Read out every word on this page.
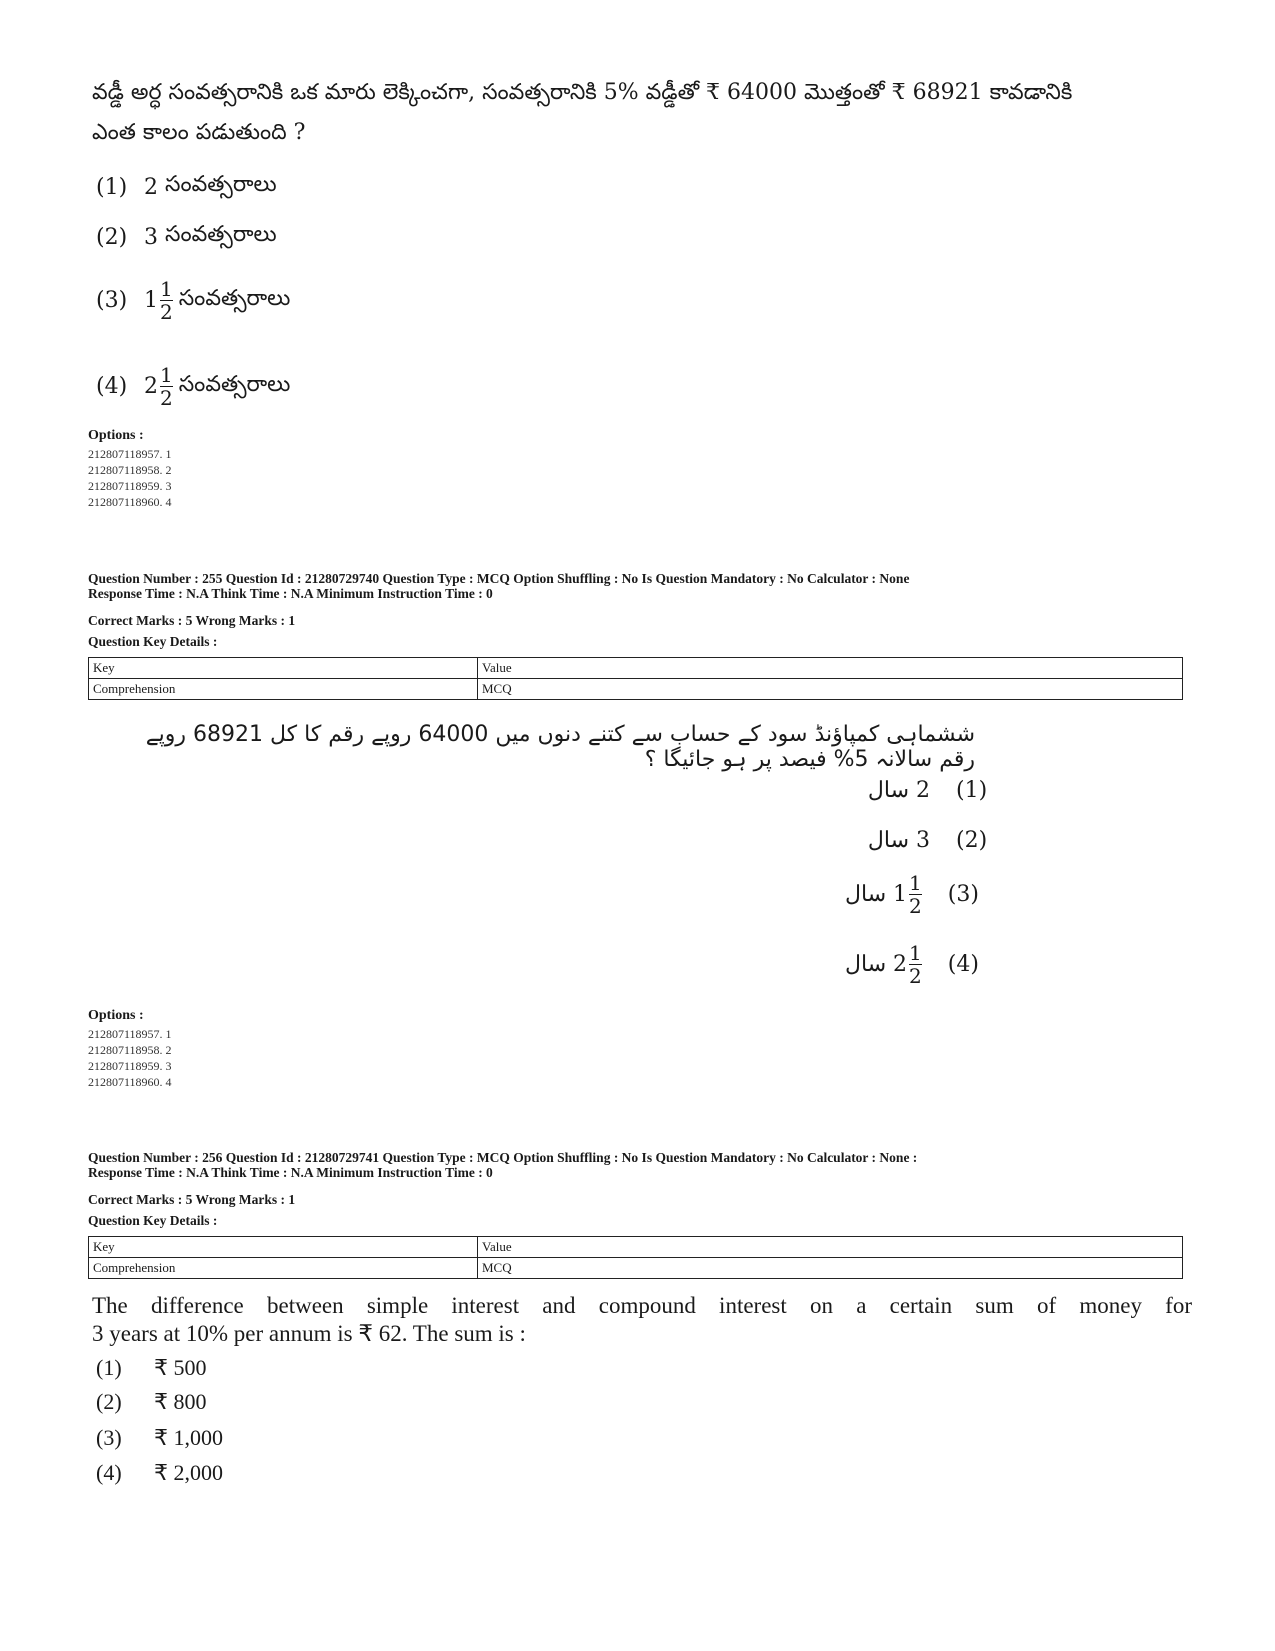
వడ్డీ అర్ధ సంవత్సరానికి ఒక మారు లెక్కించగా, సంవత్సరానికి 5% వడ్డీతో ₹ 64000 మొత్తంతో ₹ 68921 కావడానికి
ఎంత కాలం పడుతుంది ?
(1) 2
సంవత్సరాలు
(2) 3
సంవత్సరాలు
(3) $1 \frac{1}{2}$ సంవత్సరాలు
(4) $2 \frac{1}{2}$ సంవత్సరాలు
Options :
212807118957. 1
212807118958. 2
212807118959. 3
212807118960. 4
Question Number : 255 Question Id : 21280729740 Question Type : MCQ Option Shuffling : No Is Question Mandatory : No Calculator : None
Response Time : N.A Think Time : N.A Minimum Instruction Time : 0
Correct Marks : 5 Wrong Marks : 1
Question Key Details :
Key	Value
Comprehension	MCQ
ششماہی کمپاؤنڈ سود کے حساب سے کتنے دنوں میں 64000 روپے رقم کا کل 68921 روپے رقم سالانہ 5% فیصد پر ہو جائیگا ؟
2 سال (1)
3 سال (2)
سال $1 \frac{1}{2} (3)$
سال $2 \frac{1}{2} (4)$
Options :
212807118957. 1
212807118958. 2
212807118959. 3
212807118960. 4
Question Number : 256 Question Id : 21280729741 Question Type : MCQ Option Shuffling : No Is Question Mandatory : No Calculator : None :
Response Time : N.A Think Time : N.A Minimum Instruction Time : 0
Correct Marks : 5 Wrong Marks : 1
Question Key Details :
Key	Value
Comprehension	MCQ
The difference between simple interest and compound interest on a certain sum of money for
3 years at 10% per annum is ₹ 62. The sum is :
(1)	₹ 500
(2)	₹ 800
(3)	₹ 1,000
(4)	₹ 2,000
